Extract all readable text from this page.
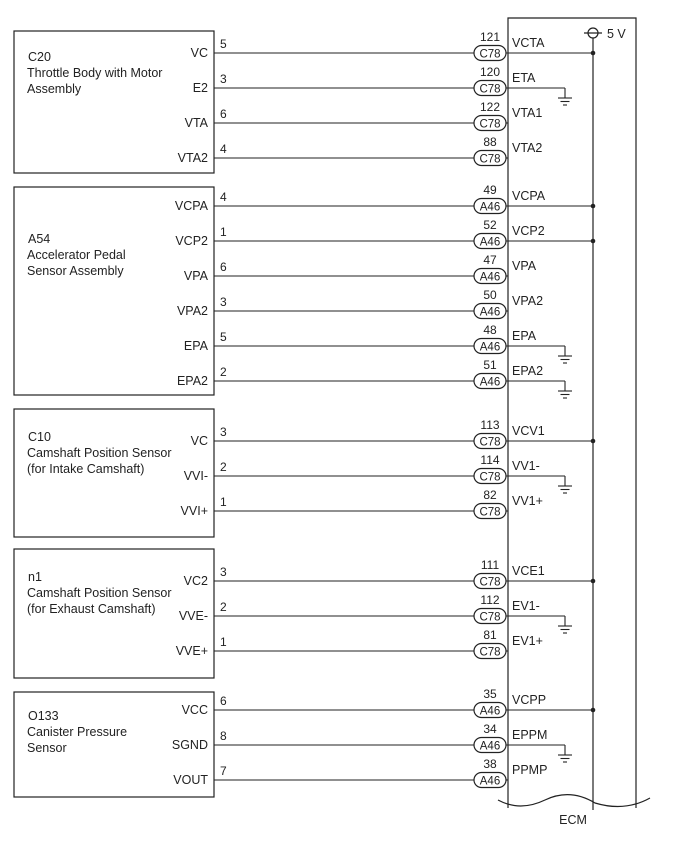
ECM
5 V
C20
Throttle Body with Motor
Assembly
VC
5
C78
121 VCTA
E2
3
C78
120 ETA
VTA
6
C78
122 VTA1
VTA2
4
C78
88 VTA2
A54
Accelerator Pedal
Sensor Assembly
VCPA
4
A46
49 VCPA
VCP2
1
A46
52 VCP2
VPA
6
A46
47 VPA
VPA2
3
A46
50 VPA2
EPA
5
A46
48 EPA
EPA2
2
A46
51 EPA2
C10
Camshaft Position Sensor
(for Intake Camshaft)
VC
3
C78
113 VCV1
VVI-
2
C78
114 VV1-
VVI+
1
C78
82 VV1+
n1
Camshaft Position Sensor
(for Exhaust Camshaft)
VC2
3
C78
111 VCE1
VVE-
2
C78
112 EV1-
VVE+
1
C78
81 EV1+
O133
Canister Pressure
Sensor
VCC
6
A46
35 VCPP
SGND
8
A46
34 EPPM
VOUT
7
A46
38 PPMP
